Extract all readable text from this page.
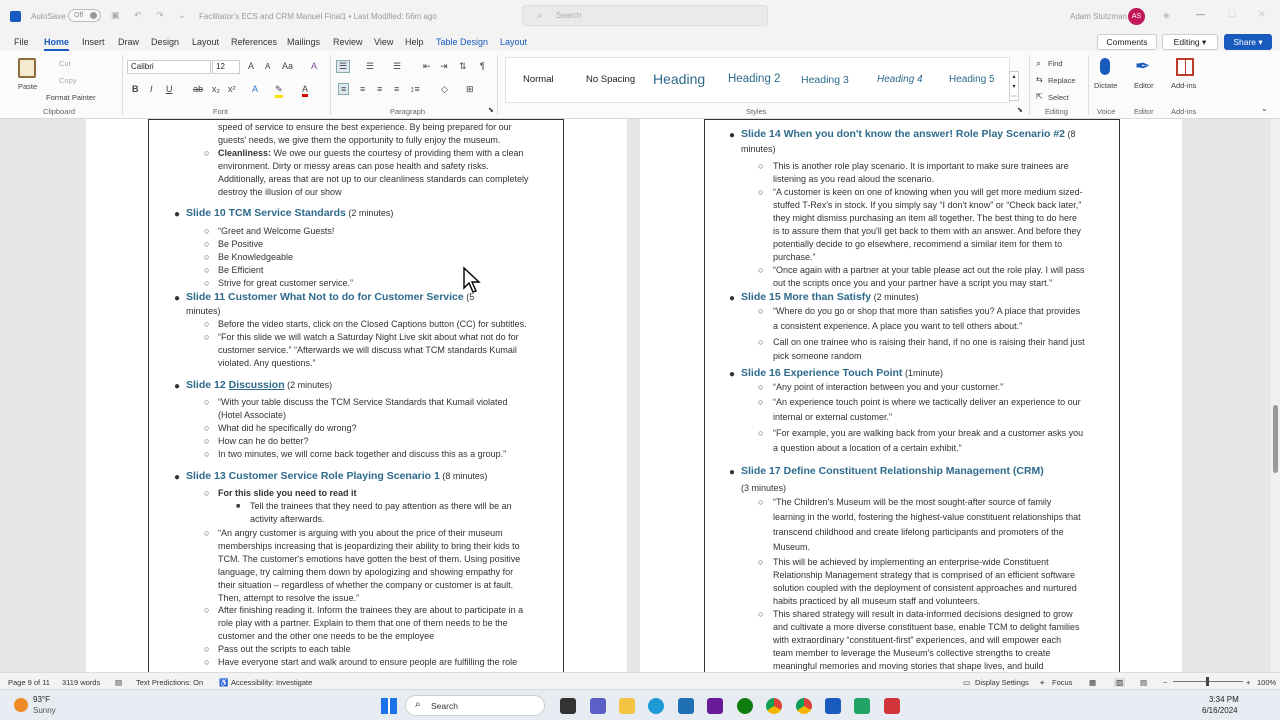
AutoSave Off	▣ ↶ ↷ ⌄ Facilitator's ECS and CRM Manuel Final1 • Last Modified: 56m ago	⌕ Search	Adam Stutzman AS	◈	—	☐ ✕
File Home Insert Draw Design Layout References Mailings Review View Help Table Design Layout	Comments	Editing ▾	Share ▾
Paste
Cut
Copy
Format Painter
Clipboard
Calibri	12	A A Aa A
B I U ab x₂ x² A ✎ A
Font
☰	☰ ☰ ⇤ ⇥ ⇅ ¶
≡	≡ ≡ ≡ ↕≡ ◇ ⊞
Paragraph	⬊
Normal	No Spacing Heading Heading 2 Heading 3	Heading 4	Heading 5	▴
▾
⋯
Styles	⬊
⌕ Find
⇆ Replace
⇱ Select
Editing
Dictate
Voice
✒
Editor
Editor
Add-ins
Add-ins	⌄
speed of service to ensure the best experience. By being prepared for our
guests' needs, we give them the opportunity to fully enjoy the museum.
○ Cleanliness: We owe our guests the courtesy of providing them with a clean
environment. Dirty or messy areas can pose health and safety risks.
Additionally, areas that are not up to our cleanliness standards can completely
destroy the illusion of our show
● Slide 10 TCM Service Standards (2 minutes)
○ “Greet and Welcome Guests!
○ Be Positive
○ Be Knowledgeable
○ Be Efficient
○ Strive for great customer service.”
● Slide 11 Customer What Not to do for Customer Service (5
minutes)
○ Before the video starts, click on the Closed Captions button (CC) for subtitles.
○ “For this slide we will watch a Saturday Night Live skit about what not do for
customer service.” “Afterwards we will discuss what TCM standards Kumail
violated. Any questions.”
● Slide 12 Discussion (2 minutes)
○ “With your table discuss the TCM Service Standards that Kumail violated
(Hotel Associate)
○ What did he specifically do wrong?
○ How can he do better?
○ In two minutes, we will come back together and discuss this as a group.”
● Slide 13 Customer Service Role Playing Scenario 1 (8 minutes)
○ For this slide you need to read it
■ Tell the trainees that they need to pay attention as there will be an
activity afterwards.
○ “An angry customer is arguing with you about the price of their museum
memberships increasing that is jeopardizing their ability to bring their kids to
TCM. The customer's emotions have gotten the best of them. Using positive
language, try calming them down by apologizing and showing empathy for
their situation – regardless of whether the company or customer is at fault.
Then, attempt to resolve the issue.”
○ After finishing reading it. Inform the trainees they are about to participate in a
role play with a partner. Explain to them that one of them needs to be the
customer and the other one needs to be the employee
○ Pass out the scripts to each table
○ Have everyone start and walk around to ensure people are fulfilling the role
● Slide 14 When you don't know the answer! Role Play Scenario #2 (8
minutes)
○ This is another role play scenario. It is important to make sure trainees are
listening as you read aloud the scenario.
○ “A customer is keen on one of knowing when you will get more medium sized-
stuffed T-Rex's in stock. If you simply say “I don't know” or “Check back later,”
they might dismiss purchasing an item all together. The best thing to do here
is to assure them that you'll get back to them with an answer. And before they
potentially decide to go elsewhere, recommend a similar item for them to
purchase.”
○ “Once again with a partner at your table please act out the role play. I will pass
out the scripts once you and your partner have a script you may start.”
● Slide 15 More than Satisfy (2 minutes)
○ “Where do you go or shop that more than satisfies you? A place that provides
a consistent experience. A place you want to tell others about.”
○ Call on one trainee who is raising their hand, if no one is raising their hand just
pick someone random
● Slide 16 Experience Touch Point (1minute)
○ “Any point of interaction between you and your customer.”
○ “An experience touch point is where we tactically deliver an experience to our
internal or external customer.”
○ “For example, you are walking back from your break and a customer asks you
a question about a location of a certain exhibit.”
● Slide 17 Define Constituent Relationship Management (CRM)
(3 minutes)
○ “The Children's Museum will be the most sought-after source of family
learning in the world, fostering the highest-value constituent relationships that
transcend childhood and create lifelong participants and promoters of the
Museum.
○ This will be achieved by implementing an enterprise-wide Constituent
Relationship Management strategy that is comprised of an efficient software
solution coupled with the deployment of consistent approaches and nurtured
habits practiced by all museum staff and volunteers.
○ This shared strategy will result in data-informed decisions designed to grow
and cultivate a more diverse constituent base, enable TCM to delight families
with extraordinary “constituent-first” experiences, and will empower each
team member to leverage the Museum's collective strengths to create
meaningful memories and moving stories that shape lives, and build
Page 9 of 11 3119 words ▤ Text Predictions: On ♿ Accessibility: Investigate	▭ Display Settings ⌖ Focus ▦	▥ ▤ −	+ 100%
93°F
Sunny
⌕ Search
3:34 PM
6/16/2024
